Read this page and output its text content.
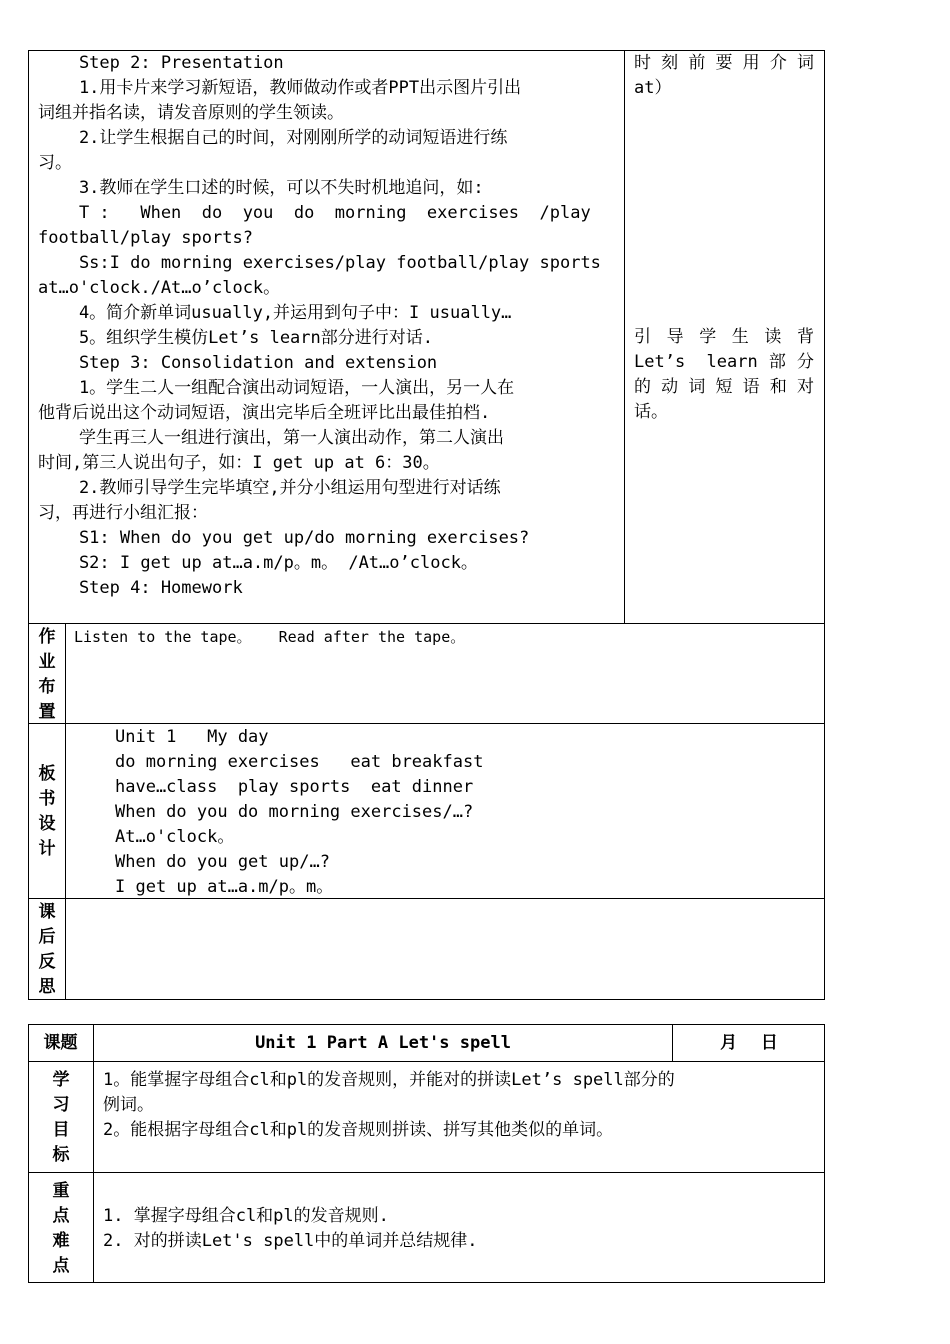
Step 2: Presentation
1.用卡片来学习新短语，教师做动作或者PPT出示图片引出
词组并指名读，请发音原则的学生领读。
2.让学生根据自己的时间，对刚刚所学的动词短语进行练
习。
3.教师在学生口述的时候，可以不失时机地追问，如:
T :   When  do  you  do  morning  exercises  /play
football/play sports?
Ss:I do morning exercises/play football/play sports
at…o'clock./At…o’clock。
4。简介新单词usually,并运用到句子中：I usually…
5。组织学生模仿Let’s learn部分进行对话.
Step 3: Consolidation and extension
1。学生二人一组配合演出动词短语，一人演出，另一人在
他背后说出这个动词短语，演出完毕后全班评比出最佳拍档.
学生再三人一组进行演出，第一人演出动作，第二人演出
时间,第三人说出句子，如：I get up at 6：30。
2.教师引导学生完毕填空,并分小组运用句型进行对话练
习，再进行小组汇报：
S1: When do you get up/do morning exercises?
S2: I get up at…a.m/p。m。 /At…o’clock。
Step 4: Homework
时刻前要用介词
at）
引导学生读背
Let’s learn部分
的动词短语和对
话。
作
业
布
置
Listen to the tape。   Read after the tape。
板
书
设
计
Unit 1   My day
do morning exercises   eat breakfast
have…class  play sports  eat dinner
When do you do morning exercises/…?
At…o'clock。
When do you get up/…?
I get up at…a.m/p。m。
课
后
反
思
课题	Unit 1 Part A Let's spell	月    日
学
习
目
标
1。能掌握字母组合cl和pl的发音规则，并能对的拼读Let’s spell部分的
例词。
2。能根据字母组合cl和pl的发音规则拼读、拼写其他类似的单词。
重
点
难
点
1. 掌握字母组合cl和pl的发音规则.
2. 对的拼读Let's spell中的单词并总结规律.
